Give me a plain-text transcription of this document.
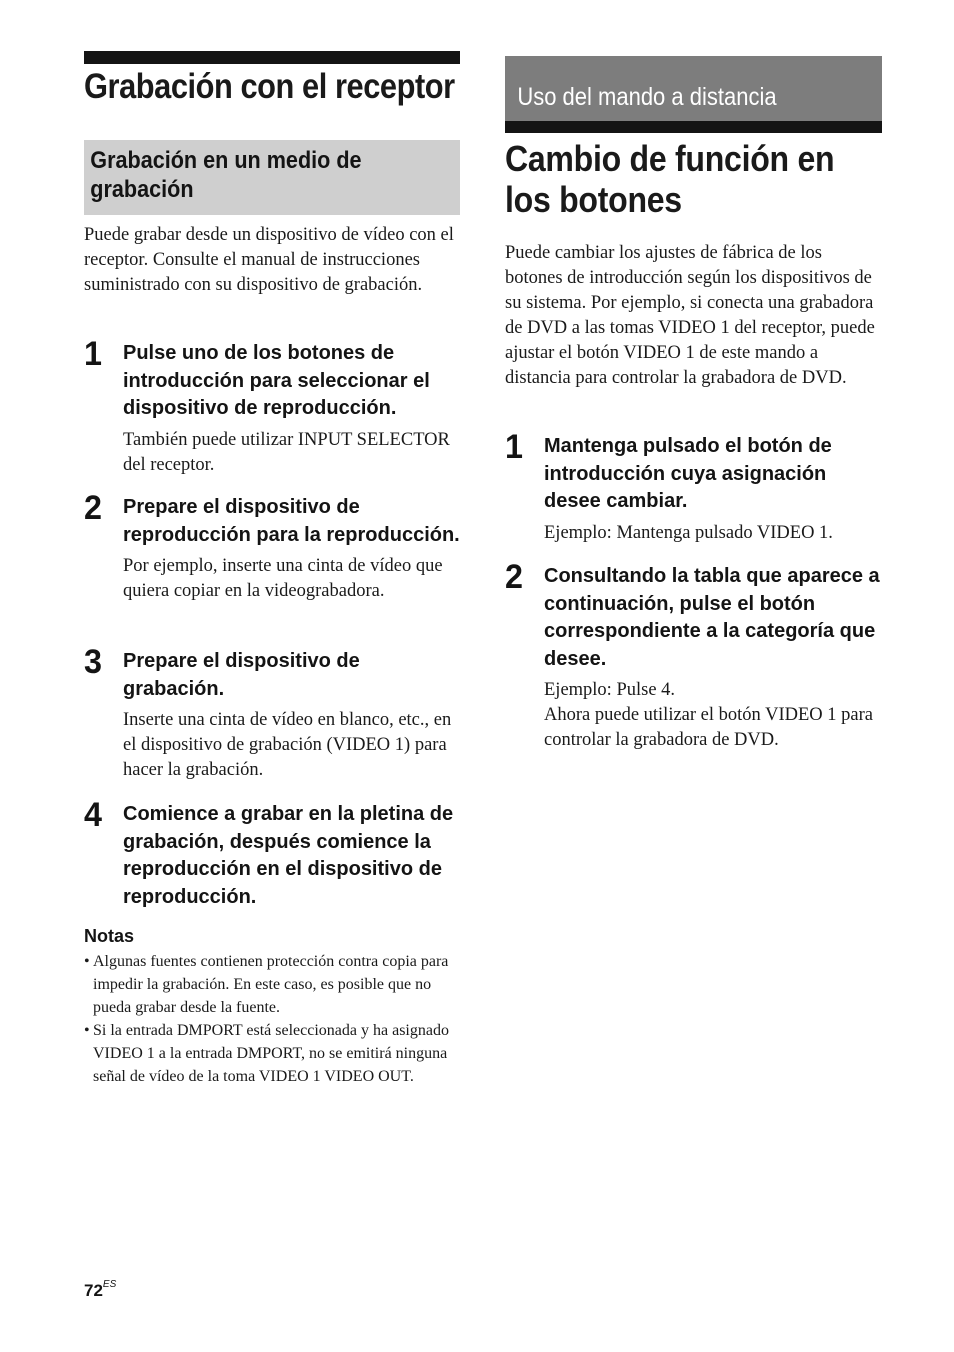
Grabación con el receptor
Grabación en un medio de grabación
Puede grabar desde un dispositivo de vídeo con el receptor. Consulte el manual de instrucciones suministrado con su dispositivo de grabación.
1 Pulse uno de los botones de introducción para seleccionar el dispositivo de reproducción.
También puede utilizar INPUT SELECTOR del receptor.
2 Prepare el dispositivo de reproducción para la reproducción.
Por ejemplo, inserte una cinta de vídeo que quiera copiar en la videograbadora.
3 Prepare el dispositivo de grabación.
Inserte una cinta de vídeo en blanco, etc., en el dispositivo de grabación (VIDEO 1) para hacer la grabación.
4 Comience a grabar en la pletina de grabación, después comience la reproducción en el dispositivo de reproducción.
Notas

• Algunas fuentes contienen protección contra copia para impedir la grabación. En este caso, es posible que no pueda grabar desde la fuente.

• Si la entrada DMPORT está seleccionada y ha asignado VIDEO 1 a la entrada DMPORT, no se emitirá ninguna señal de vídeo de la toma VIDEO 1 VIDEO OUT.

Uso del mando a distancia
Cambio de función en los botones
Puede cambiar los ajustes de fábrica de los botones de introducción según los dispositivos de su sistema. Por ejemplo, si conecta una grabadora de DVD a las tomas VIDEO 1 del receptor, puede ajustar el botón VIDEO 1 de este mando a distancia para controlar la grabadora de DVD.
1 Mantenga pulsado el botón de introducción cuya asignación desee cambiar.
Ejemplo: Mantenga pulsado VIDEO 1.
2 Consultando la tabla que aparece a continuación, pulse el botón correspondiente a la categoría que desee.
Ejemplo: Pulse 4.
Ahora puede utilizar el botón VIDEO 1 para controlar la grabadora de DVD.
$72^{ES}$
